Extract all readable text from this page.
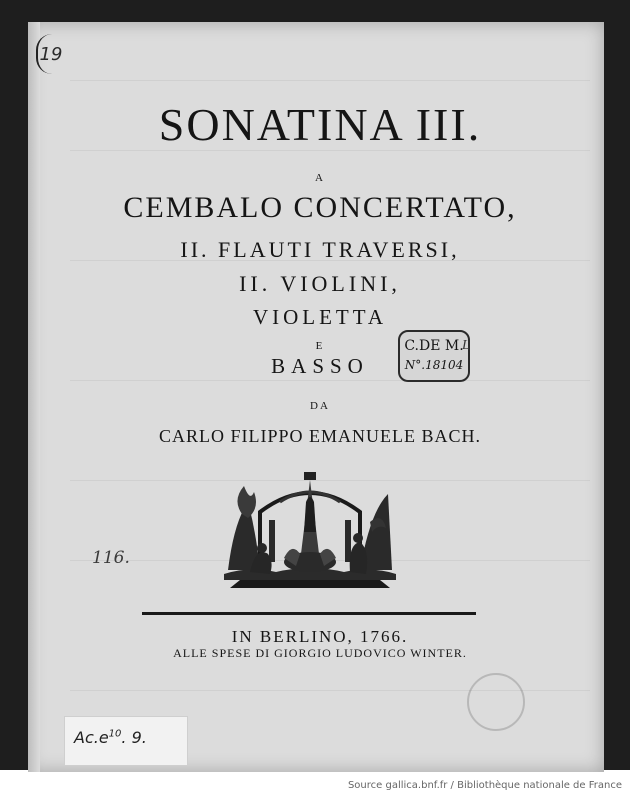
19
SONATINA III.
A
CEMBALO CONCERTATO,
II. FLAUTI TRAVERSI,
II. VIOLINI,
VIOLETTA
E
BASSO
DA
CARLO FILIPPO EMANUELE BACH.
C.DE M.
N°.18104
L
116.
IN BERLINO, 1766.
ALLE SPESE DI GIORGIO LUDOVICO WINTER.
$Ac.e^{10}$. 9.
Source gallica.bnf.fr / Bibliothèque nationale de France
